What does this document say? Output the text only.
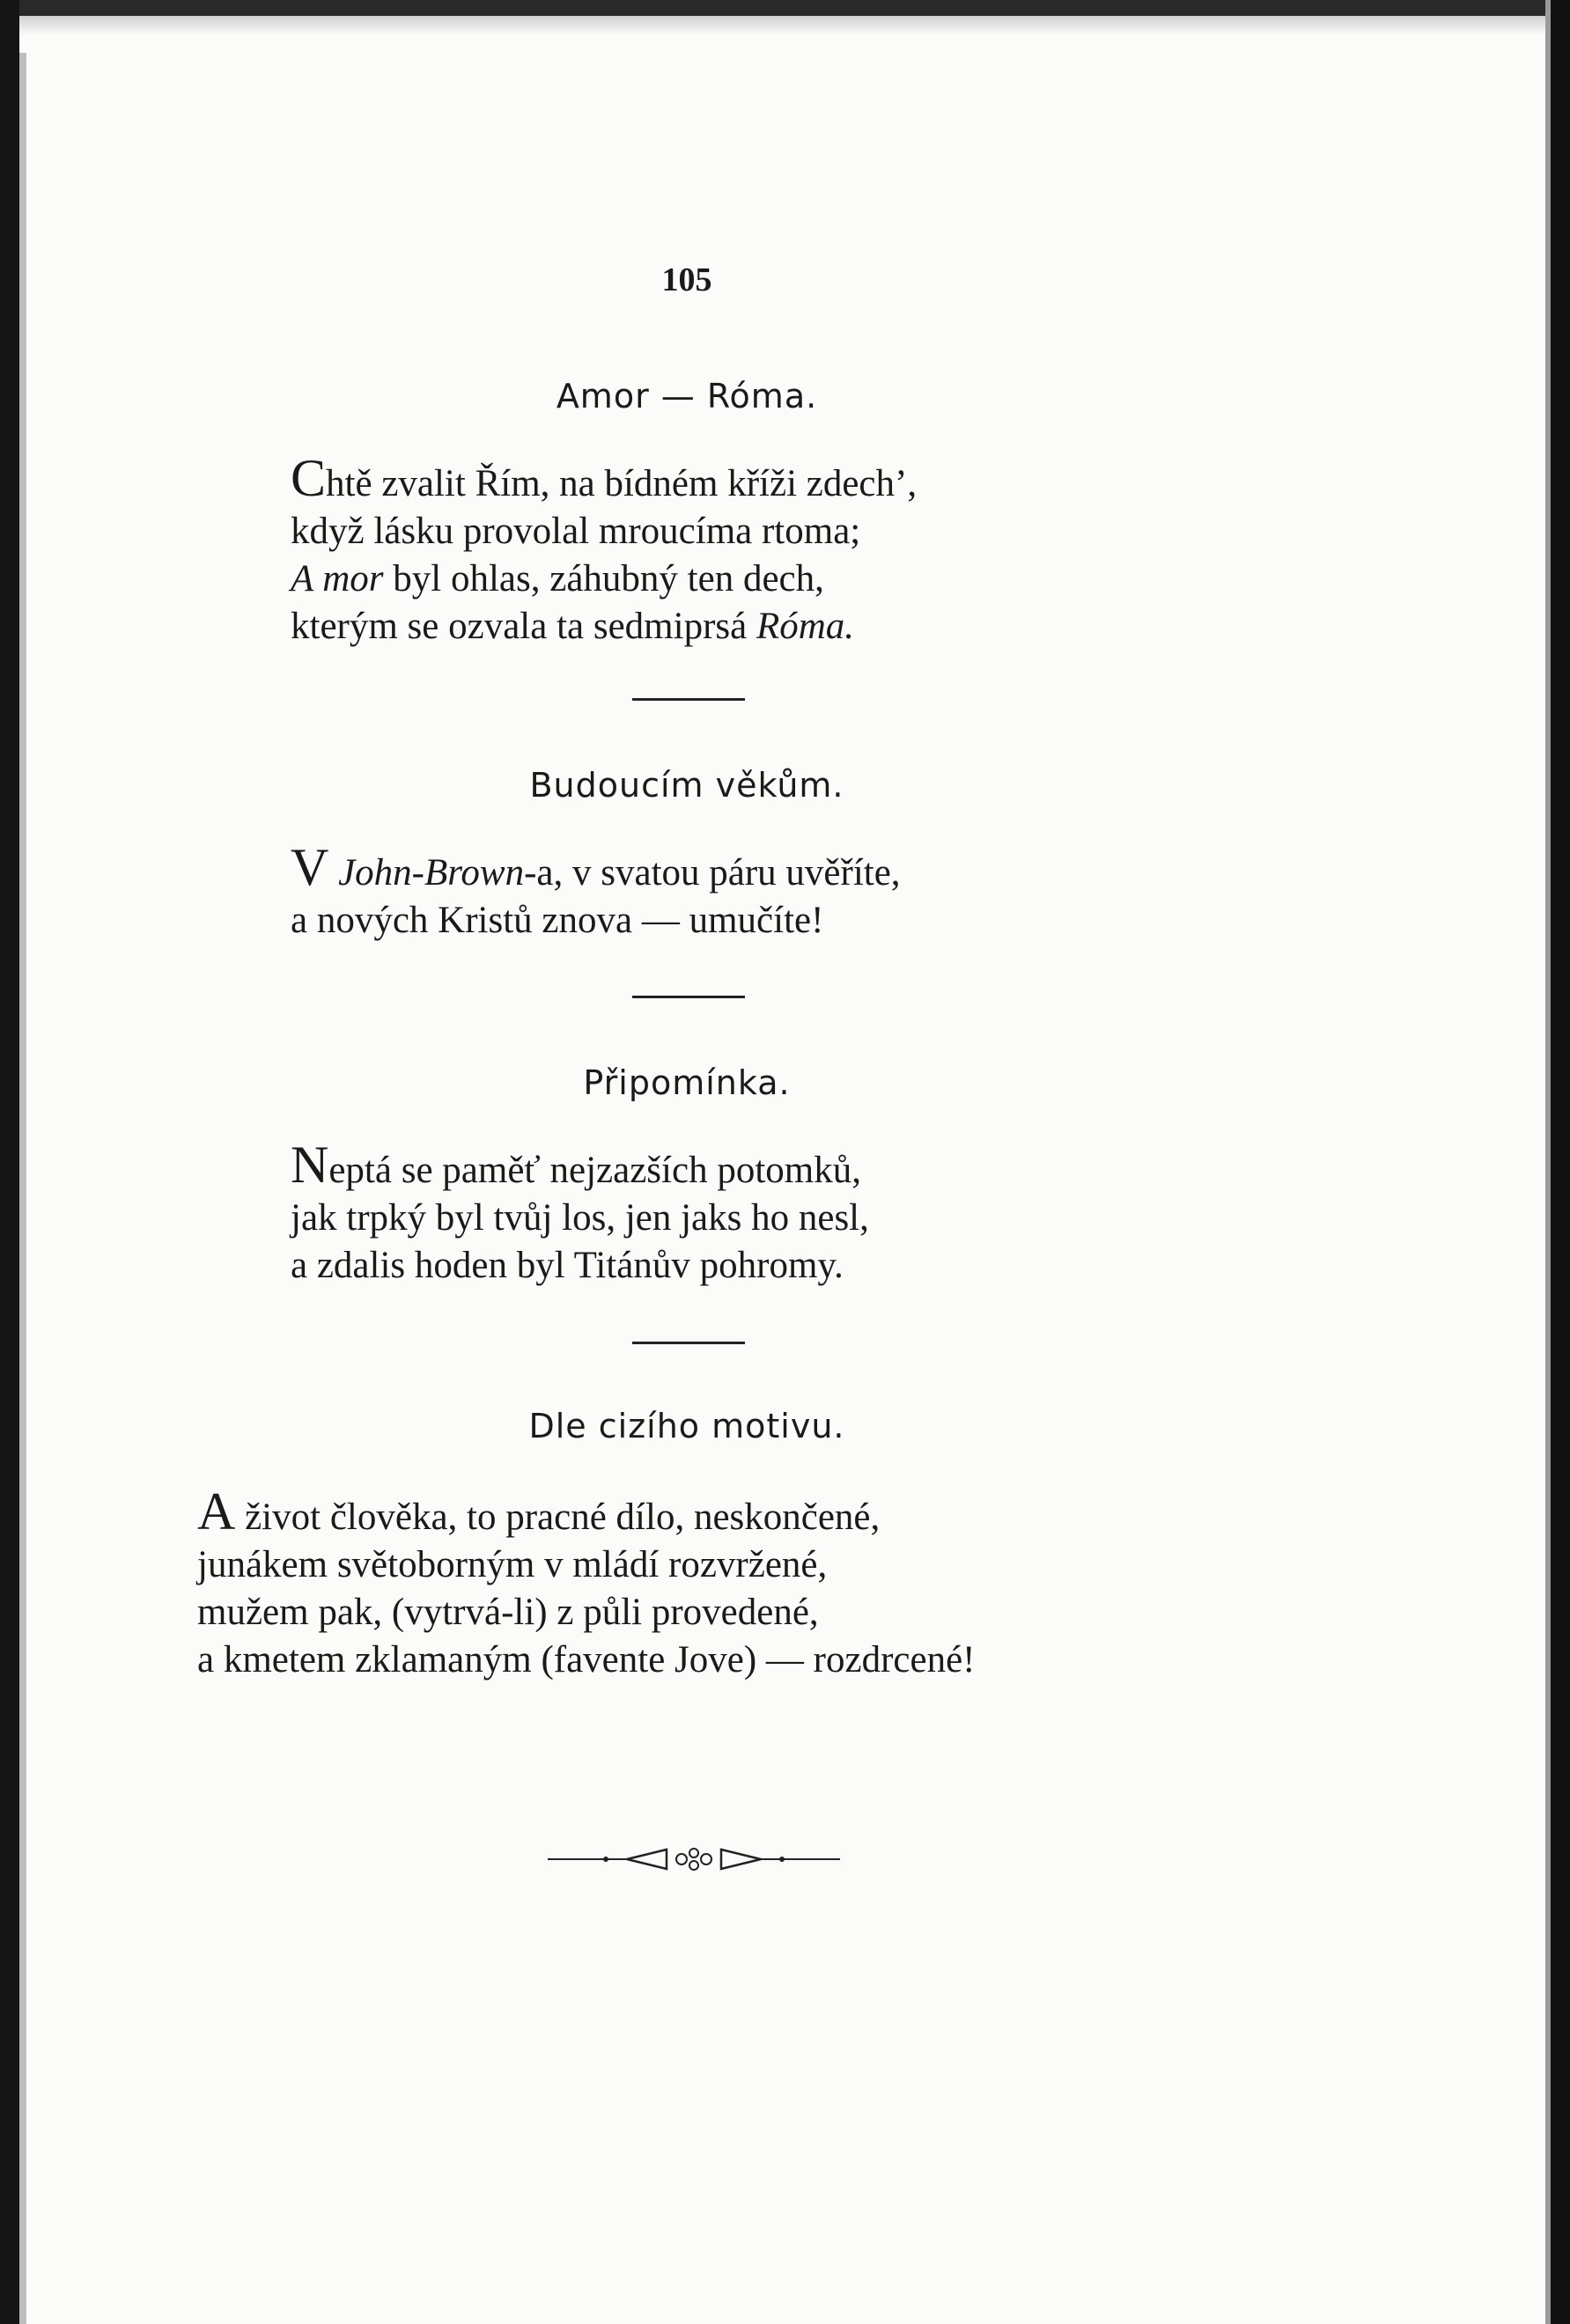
105
Amor — Róma.
Chtě zvalit Řím, na bídném kříži zdech’,
když lásku provolal mroucíma rtoma;
A mor byl ohlas, záhubný ten dech,
kterým se ozvala ta sedmiprsá Róma.
Budoucím věkům.
V John-Brown-a, v svatou páru uvěříte,
a nových Kristů znova — umučíte!
Připomínka.
Neptá se paměť nejzazších potomků,
jak trpký byl tvůj los, jen jaks ho nesl,
a zdalis hoden byl Titánův pohromy.
Dle cizího motivu.
A život člověka, to pracné dílo, neskončené,
junákem světoborným v mládí rozvržené,
mužem pak, (vytrvá-li) z půli provedené,
a kmetem zklamaným (favente Jove) — rozdrcené!
